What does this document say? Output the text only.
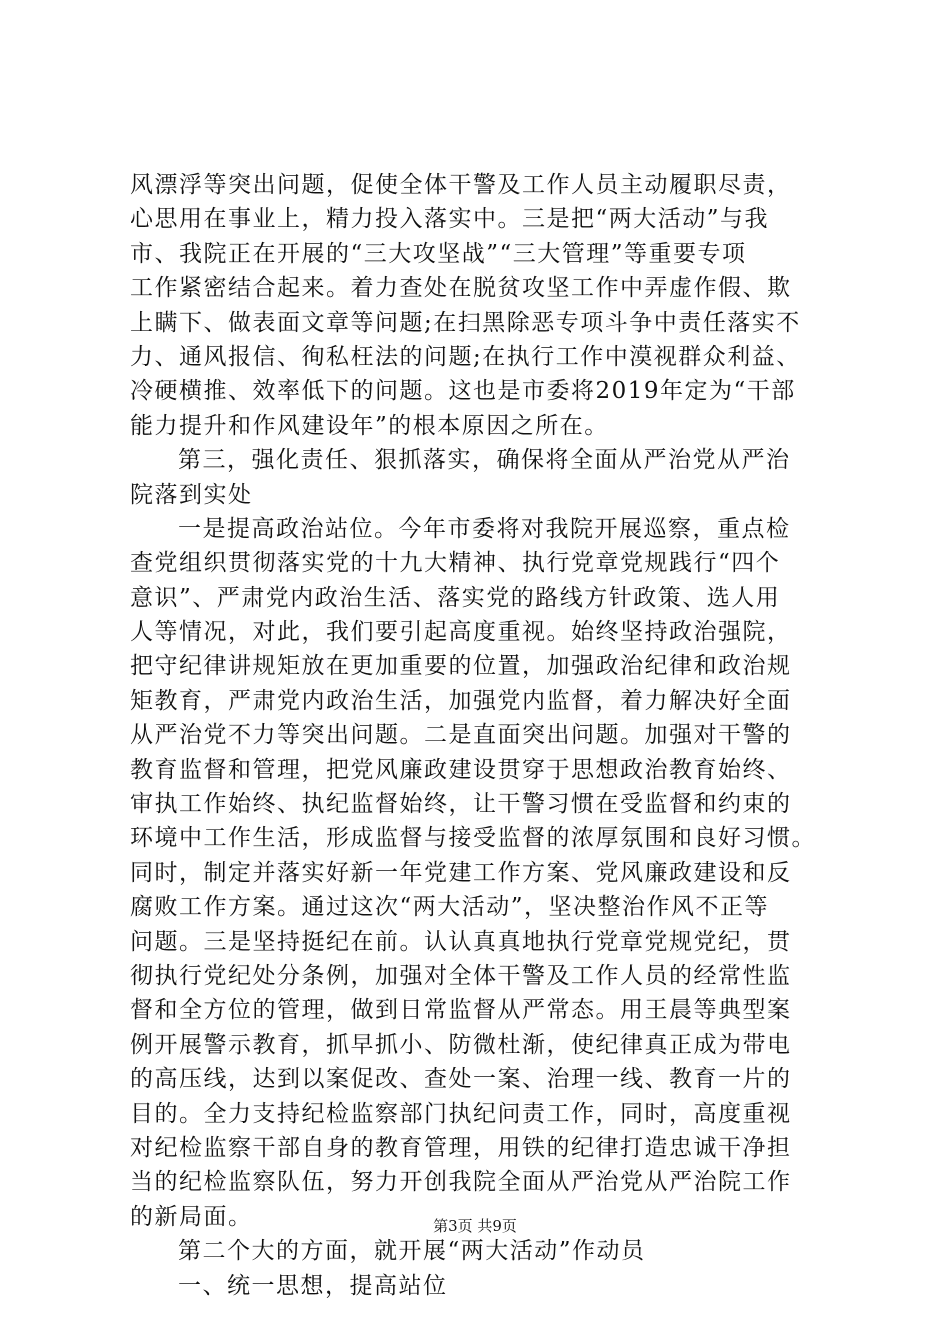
风漂浮等突出问题，促使全体干警及工作人员主动履职尽责，
心思用在事业上，精力投入落实中。三是把“两大活动”与我
市、我院正在开展的“三大攻坚战”“三大管理”等重要专项
工作紧密结合起来。着力查处在脱贫攻坚工作中弄虚作假、欺
上瞒下、做表面文章等问题;在扫黑除恶专项斗争中责任落实不
力、通风报信、徇私枉法的问题;在执行工作中漠视群众利益、
冷硬横推、效率低下的问题。这也是市委将2019年定为“干部
能力提升和作风建设年”的根本原因之所在。
第三，强化责任、狠抓落实，确保将全面从严治党从严治
院落到实处
一是提高政治站位。今年市委将对我院开展巡察，重点检
查党组织贯彻落实党的十九大精神、执行党章党规践行“四个
意识”、严肃党内政治生活、落实党的路线方针政策、选人用
人等情况，对此，我们要引起高度重视。始终坚持政治强院，
把守纪律讲规矩放在更加重要的位置，加强政治纪律和政治规
矩教育，严肃党内政治生活，加强党内监督，着力解决好全面
从严治党不力等突出问题。二是直面突出问题。加强对干警的
教育监督和管理，把党风廉政建设贯穿于思想政治教育始终、
审执工作始终、执纪监督始终，让干警习惯在受监督和约束的
环境中工作生活，形成监督与接受监督的浓厚氛围和良好习惯。
同时，制定并落实好新一年党建工作方案、党风廉政建设和反
腐败工作方案。通过这次“两大活动”，坚决整治作风不正等
问题。三是坚持挺纪在前。认认真真地执行党章党规党纪，贯
彻执行党纪处分条例，加强对全体干警及工作人员的经常性监
督和全方位的管理，做到日常监督从严常态。用王晨等典型案
例开展警示教育，抓早抓小、防微杜渐，使纪律真正成为带电
的高压线，达到以案促改、查处一案、治理一线、教育一片的
目的。全力支持纪检监察部门执纪问责工作，同时，高度重视
对纪检监察干部自身的教育管理，用铁的纪律打造忠诚干净担
当的纪检监察队伍，努力开创我院全面从严治党从严治院工作
的新局面。
第二个大的方面，就开展“两大活动”作动员
一、统一思想，提高站位
第3页 共9页
